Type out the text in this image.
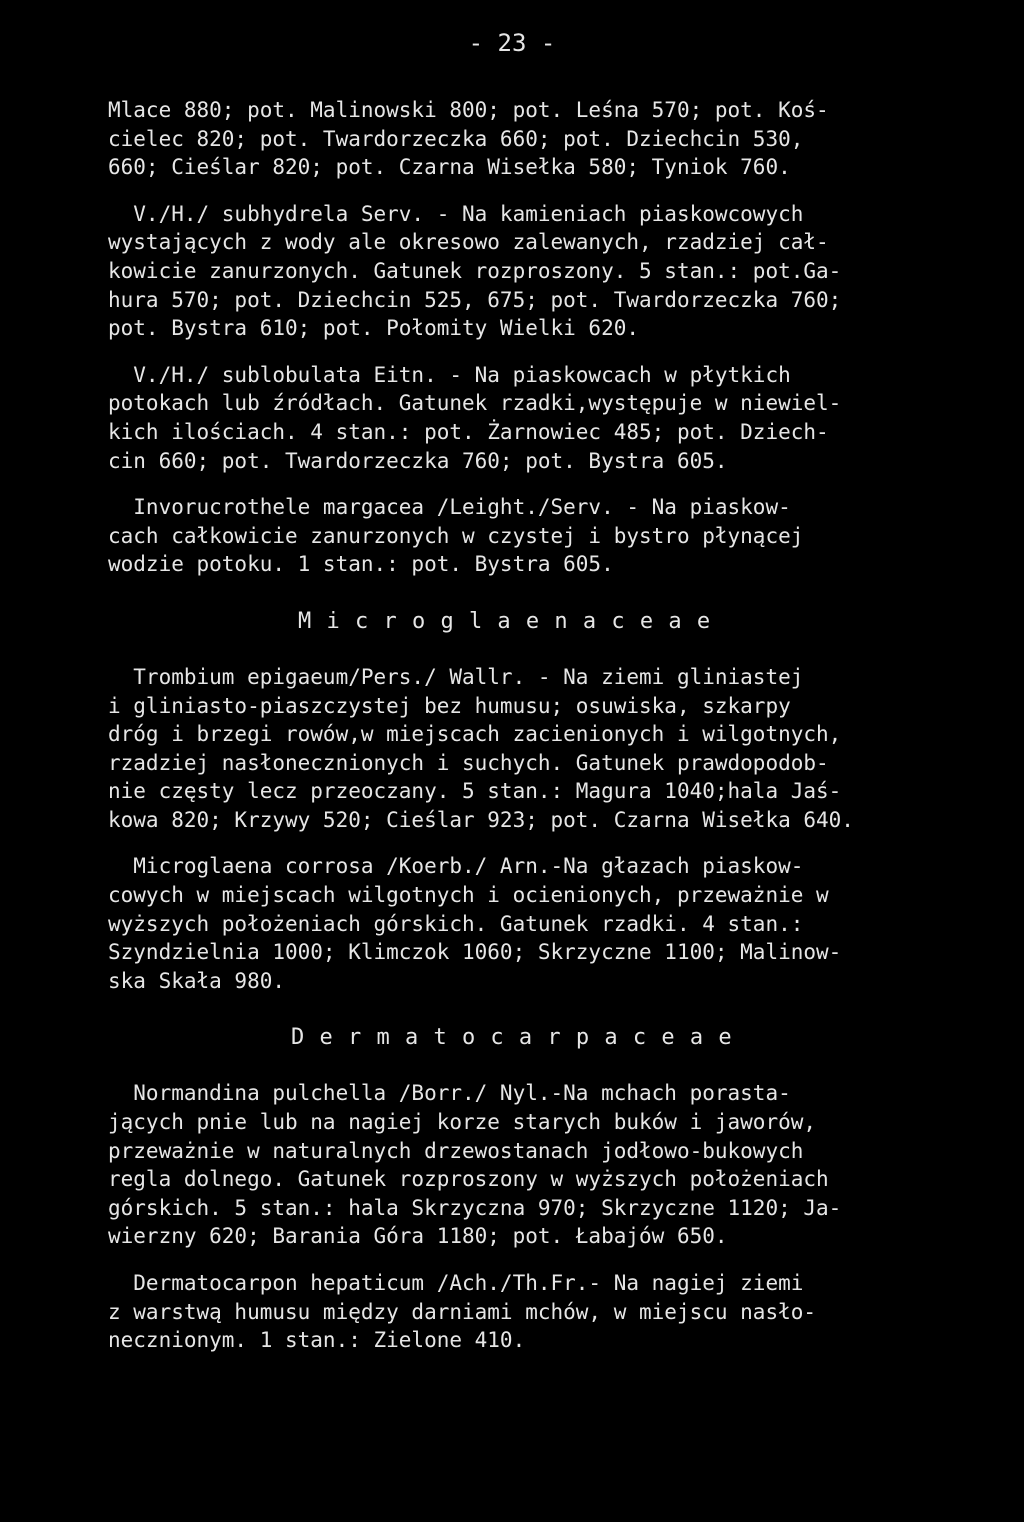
- 23 -
Mlace 880; pot. Malinowski 800; pot. Leśna 570; pot. Koś-
cielec 820; pot. Twardorzeczka 660; pot. Dziechcin 530,
660; Cieślar 820; pot. Czarna Wisełka 580; Tyniok 760.
V./H./ subhydrela Serv. - Na kamieniach piaskowcowych
wystających z wody ale okresowo zalewanych, rzadziej cał-
kowicie zanurzonych. Gatunek rozproszony. 5 stan.: pot.Ga-
hura 570; pot. Dziechcin 525, 675; pot. Twardorzeczka 760;
pot. Bystra 610; pot. Połomity Wielki 620.
V./H./ sublobulata Eitn. - Na piaskowcach w płytkich
potokach lub źródłach. Gatunek rzadki,występuje w niewiel-
kich ilościach. 4 stan.: pot. Żarnowiec 485; pot. Dziech-
cin 660; pot. Twardorzeczka 760; pot. Bystra 605.
Invorucrothele margacea /Leight./Serv. - Na piaskow-
cach całkowicie zanurzonych w czystej i bystro płynącej
wodzie potoku. 1 stan.: pot. Bystra 605.
M i c r o g l a e n a c e a e
Trombium epigaeum/Pers./ Wallr. - Na ziemi gliniastej
i gliniasto-piaszczystej bez humusu; osuwiska, szkarpy
dróg i brzegi rowów,w miejscach zacienionych i wilgotnych,
rzadziej nasłonecznionych i suchych. Gatunek prawdopodob-
nie częsty lecz przeoczany. 5 stan.: Magura 1040;hala Jaś-
kowa 820; Krzywy 520; Cieślar 923; pot. Czarna Wisełka 640.
Microglaena corrosa /Koerb./ Arn.-Na głazach piaskow-
cowych w miejscach wilgotnych i ocienionych, przeważnie w
wyższych położeniach górskich. Gatunek rzadki. 4 stan.:
Szyndzielnia 1000; Klimczok 1060; Skrzyczne 1100; Malinow-
ska Skała 980.
D e r m a t o c a r p a c e a e
Normandina pulchella /Borr./ Nyl.-Na mchach porasta-
jących pnie lub na nagiej korze starych buków i jaworów,
przeważnie w naturalnych drzewostanach jodłowo-bukowych
regla dolnego. Gatunek rozproszony w wyższych położeniach
górskich. 5 stan.: hala Skrzyczna 970; Skrzyczne 1120; Ja-
wierzny 620; Barania Góra 1180; pot. Łabajów 650.
Dermatocarpon hepaticum /Ach./Th.Fr.- Na nagiej ziemi
z warstwą humusu między darniami mchów, w miejscu nasło-
necznionym. 1 stan.: Zielone 410.
